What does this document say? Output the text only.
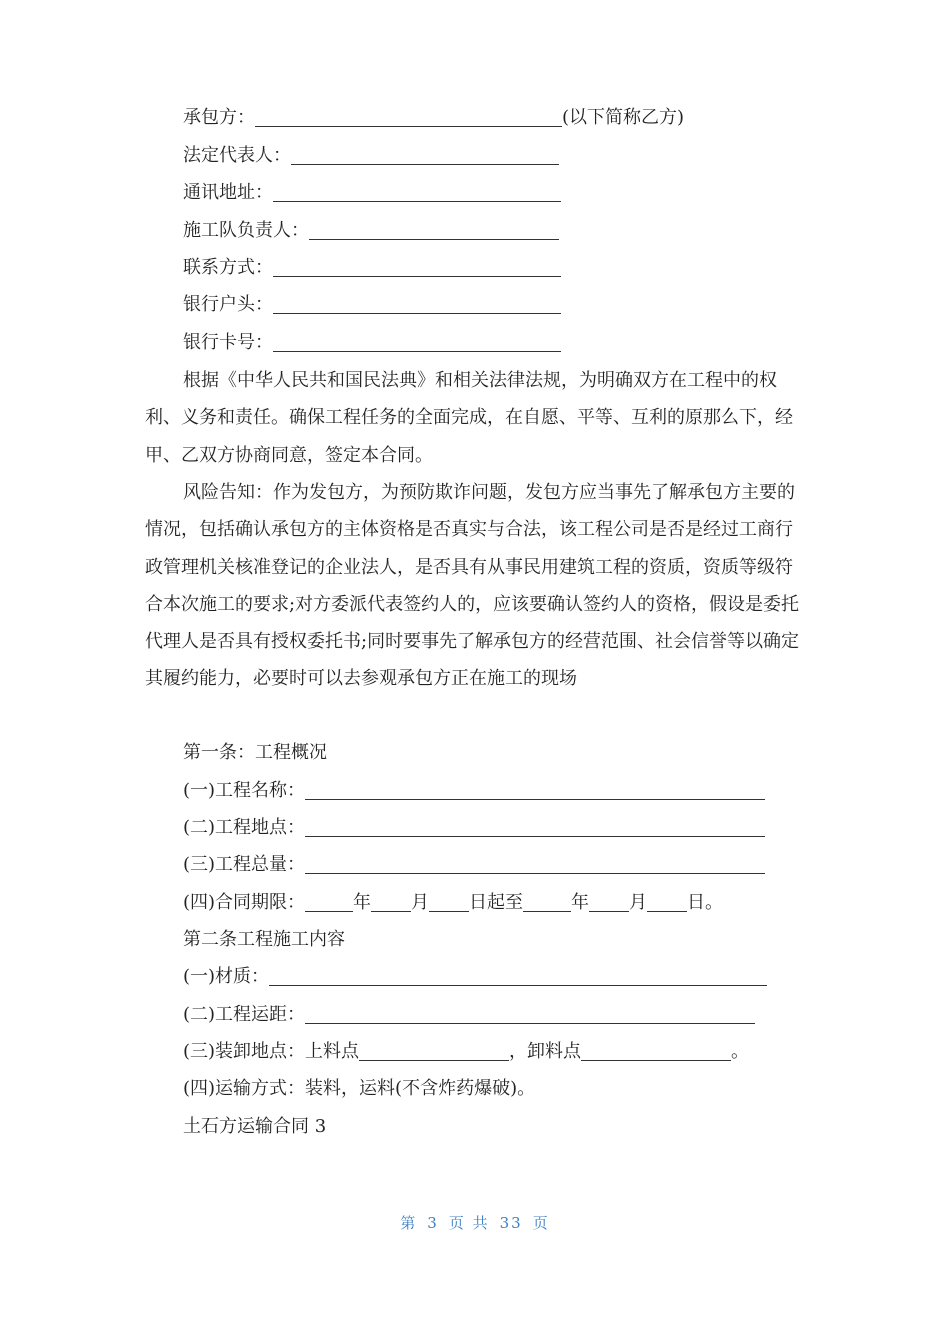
承包方：	(以下简称乙方)
法定代表人：
通讯地址：
施工队负责人：
联系方式：
银行户头：
银行卡号：
根据《中华人民共和国民法典》和相关法律法规，为明确双方在工程中的权利、义务和责任。确保工程任务的全面完成，在自愿、平等、互利的原那么下，经甲、乙双方协商同意，签定本合同。
风险告知：作为发包方，为预防欺诈问题，发包方应当事先了解承包方主要的情况，包括确认承包方的主体资格是否真实与合法，该工程公司是否是经过工商行政管理机关核准登记的企业法人，是否具有从事民用建筑工程的资质，资质等级符合本次施工的要求;对方委派代表签约人的，应该要确认签约人的资格，假设是委托代理人是否具有授权委托书;同时要事先了解承包方的经营范围、社会信誉等以确定其履约能力，必要时可以去参观承包方正在施工的现场
第一条：工程概况
(一)工程名称：
(二)工程地点：
(三)工程总量：
(四)合同期限：	年 月 日起至	年 月 日。
第二条工程施工内容
(一)材质：
(二)工程运距：
(三)装卸地点：上料点	，卸料点	。
(四)运输方式：装料，运料(不含炸药爆破)。
土石方运输合同 3
第 3 页 共 33 页
